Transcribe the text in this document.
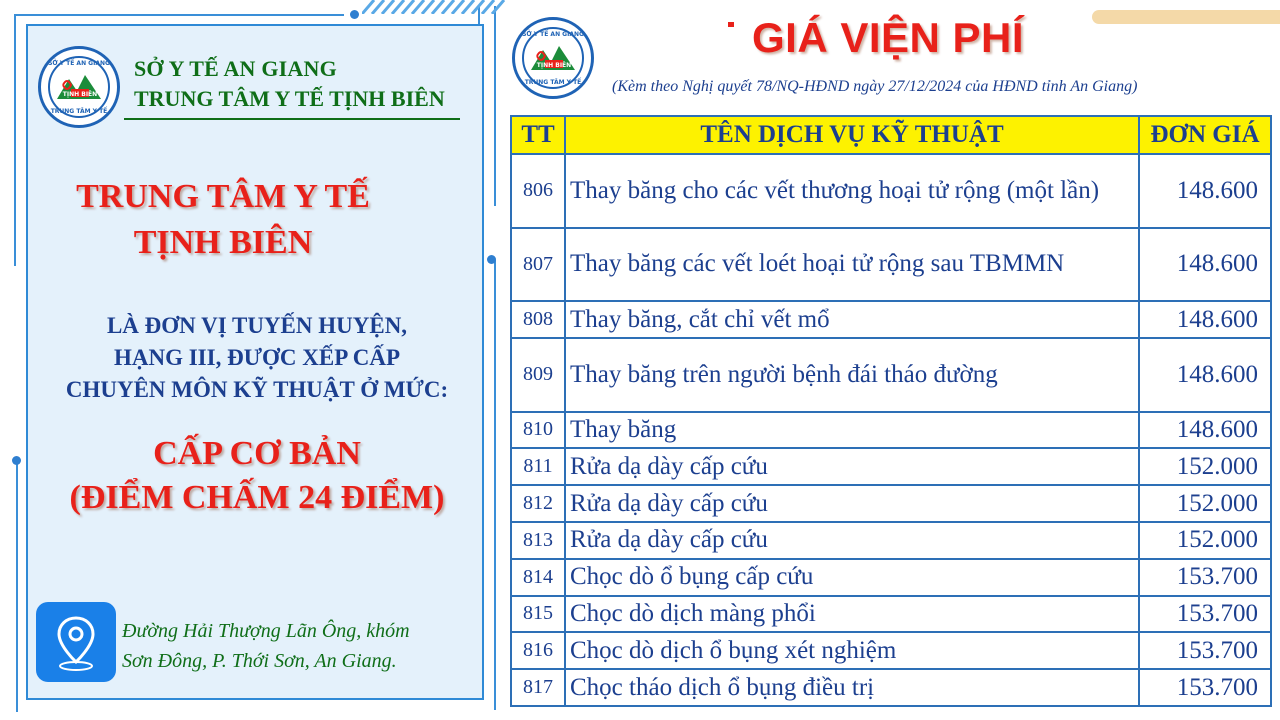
TỊNH BIÊN
TRUNG TÂM Y TẾ
SỞ Y TẾ AN GIANG SỞ Y TẾ AN GIANG
TRUNG TÂM Y TẾ TỊNH BIÊN
TRUNG TÂM Y TẾ
TỊNH BIÊN
LÀ ĐƠN VỊ TUYẾN HUYỆN,
HẠNG III, ĐƯỢC XẾP CẤP
CHUYÊN MÔN KỸ THUẬT Ở MỨC:
CẤP CƠ BẢN
(ĐIỂM CHẤM 24 ĐIỂM)
Đường Hải Thượng Lãn Ông, khóm
Sơn Đông, P. Thới Sơn, An Giang.
TỊNH BIÊN
TRUNG TÂM Y TẾ
SỞ Y TẾ AN GIANG	GIÁ VIỆN PHÍ
(Kèm theo Nghị quyết 78/NQ-HĐND ngày 27/12/2024 của HĐND tỉnh An Giang)
TT	TÊN DỊCH VỤ KỸ THUẬT	ĐƠN GIÁ
806	Thay băng cho các vết thương hoại tử rộng (một lần)	148.600
807	Thay băng các vết loét hoại tử rộng sau TBMMN	148.600
808	Thay băng, cắt chỉ vết mổ	148.600
809	Thay băng trên người bệnh đái tháo đường	148.600
810	Thay băng	148.600
811	Rửa dạ dày cấp cứu	152.000
812	Rửa dạ dày cấp cứu	152.000
813	Rửa dạ dày cấp cứu	152.000
814	Chọc dò ổ bụng cấp cứu	153.700
815	Chọc dò dịch màng phổi	153.700
816	Chọc dò dịch ổ bụng xét nghiệm	153.700
817	Chọc tháo dịch ổ bụng điều trị	153.700
